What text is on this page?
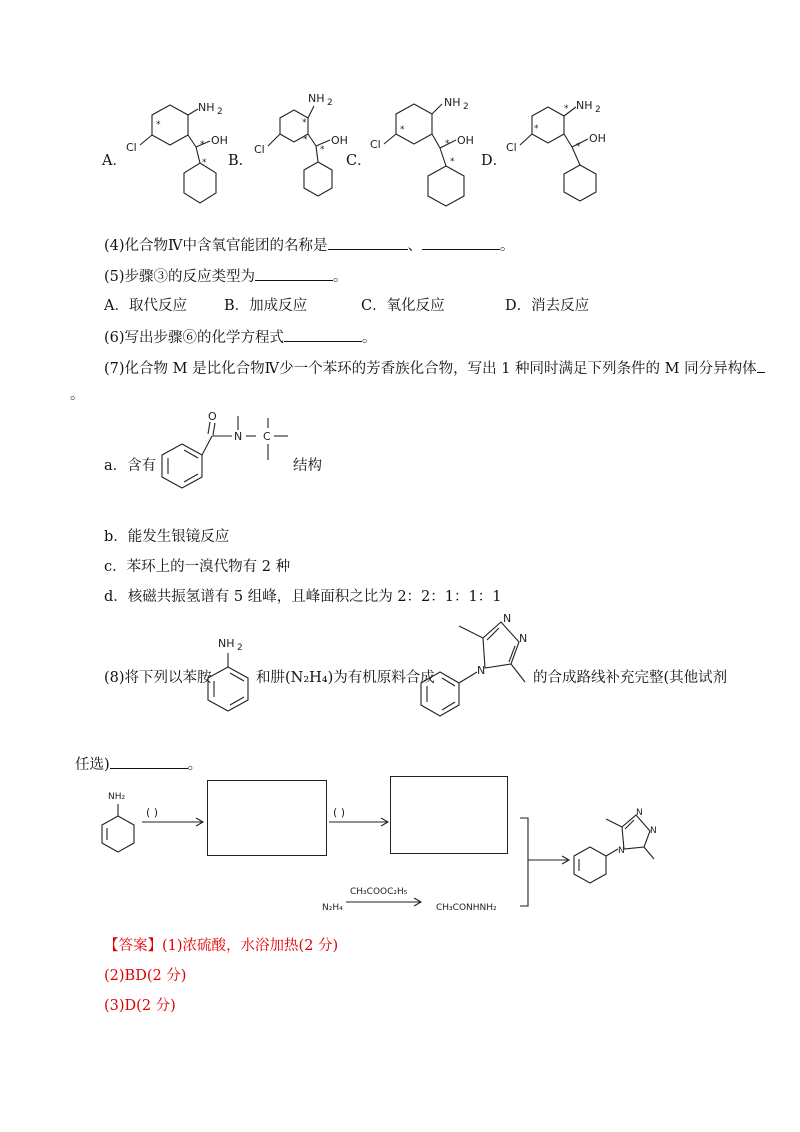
A．	B．	C．	D．
NH 2
OH
Cl
*
*
*
NH 2
OH
Cl
*
*
*
NH 2
OH
Cl
*
*
*
NH 2
OH
Cl
*
*
*
(4)化合物Ⅳ中含氧官能团的名称是	、	。
(5)步骤③的反应类型为	。
A．取代反应	B．加成反应	C．氧化反应	D．消去反应
(6)写出步骤⑥的化学方程式	。
(7)化合物 M 是比化合物Ⅳ少一个苯环的芳香族化合物，写出 1 种同时满足下列条件的 M 同分异构体
。
a．含有	结构
O
N C
b．能发生银镜反应
c．苯环上的一溴代物有 2 种
d．核磁共振氢谱有 5 组峰，且峰面积之比为 2：2：1：1：1
(8)将下列以苯胺	和肼(N₂H₄)为有机原料合成	的合成路线补充完整(其他试剂
NH 2
N
N
N
任选)	。
NH₂
( )	( )
N
N
N
N₂H₄
CH₃COOC₂H₅
CH₃CONHNH₂
【答案】(1)浓硫酸，水浴加热(2 分)
(2)BD(2 分)
(3)D(2 分)
